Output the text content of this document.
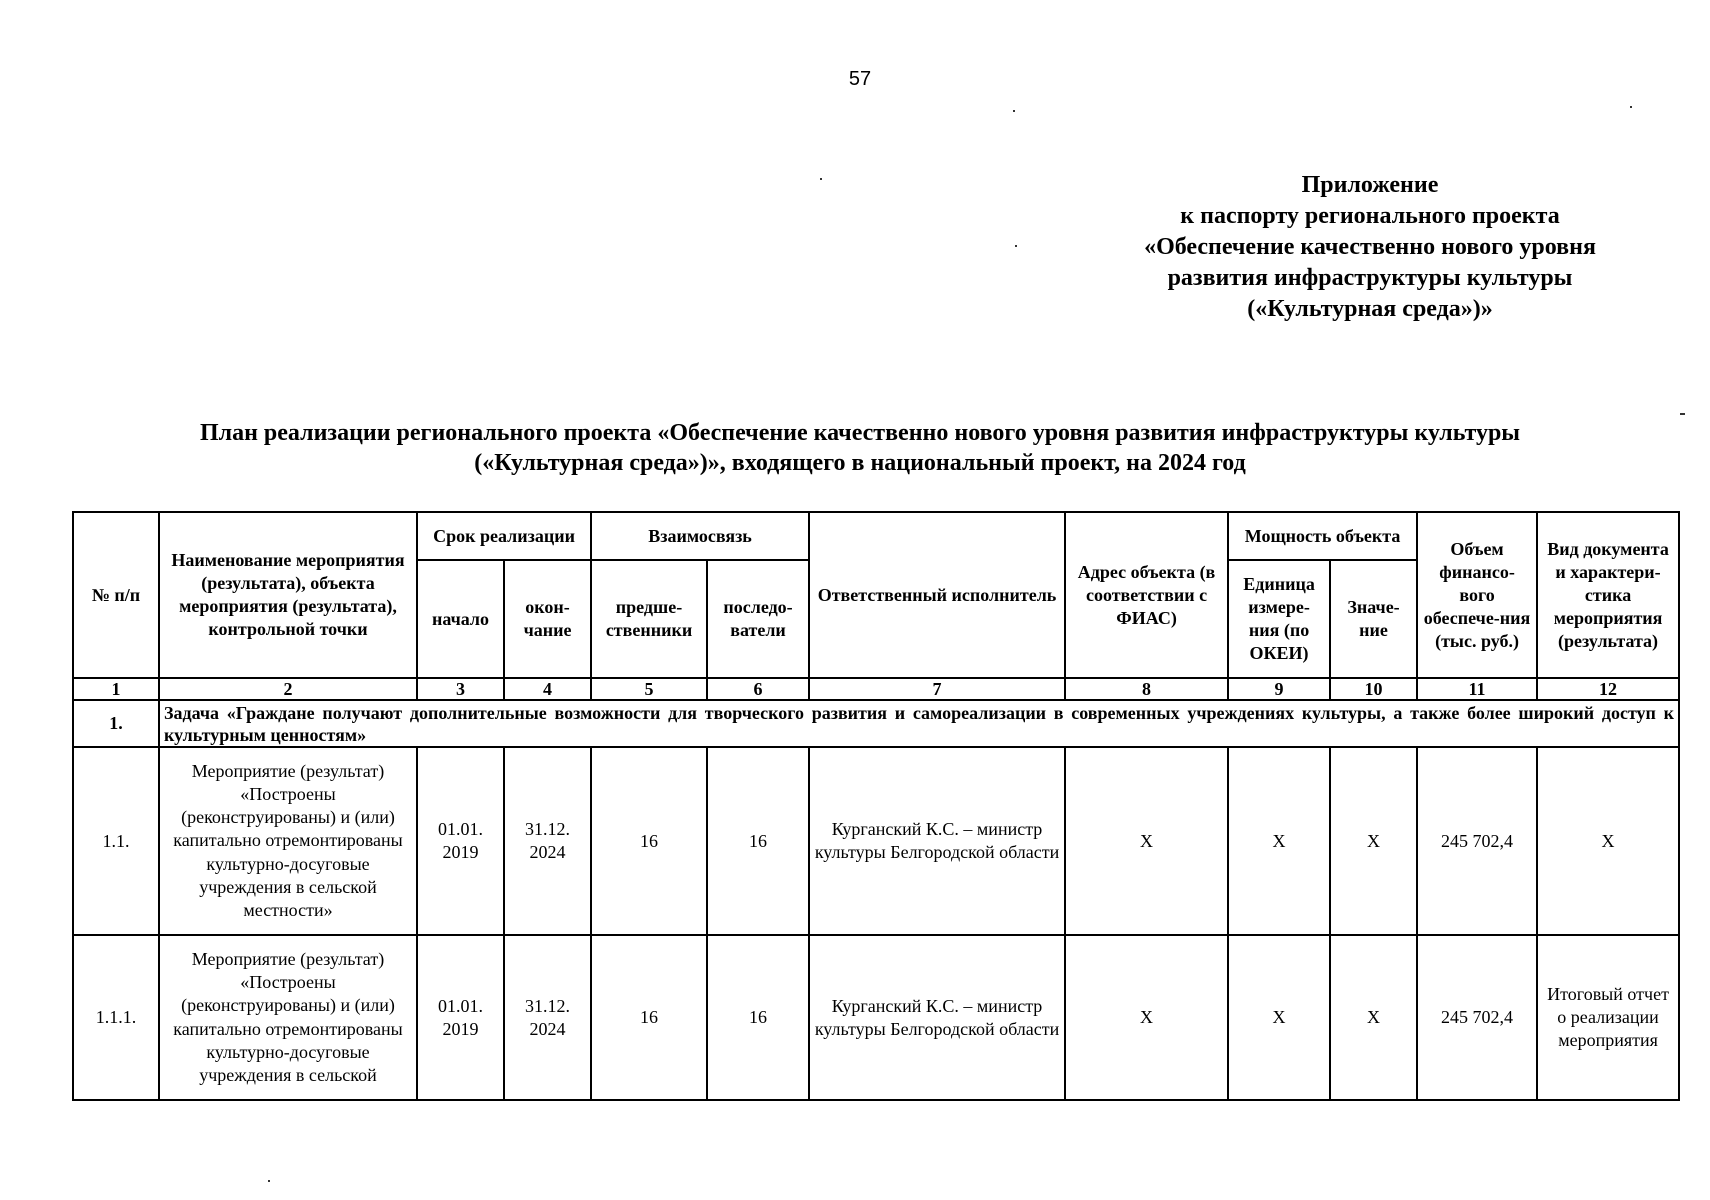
57
Приложение
к паспорту регионального проекта
«Обеспечение качественно нового уровня
развития инфраструктуры культуры
(«Культурная среда»)»
План реализации регионального проекта «Обеспечение качественно нового уровня развития инфраструктуры культуры
(«Культурная среда»)», входящего в национальный проект, на 2024 год
№ п/п	Наименование мероприятия (результата), объекта мероприятия (результата), контрольной точки	Срок реализации		Взаимосвязь		Ответственный исполнитель	Адрес объекта (в соответствии с ФИАС)	Мощность объекта		Объем финансо-вого обеспече-ния (тыс. руб.)	Вид документа и характери-стика мероприятия (результата)
		начало	окон-чание	предше-ственники	последо-ватели			Единица измере-ния (по ОКЕИ)	Значе-ние		
1	2	3	4	5	6	7	8	9	10	11	12
1.	Задача «Граждане получают дополнительные возможности для творческого развития и самореализации в современных учреждениях культуры, а также более широкий доступ к культурным ценностям»										
1.1.	Мероприятие (результат) «Построены (реконструированы) и (или) капитально отремонтированы культурно-досуговые учреждения в сельской местности»	01.01. 2019	31.12. 2024	16	16	Курганский К.С. – министр культуры Белгородской области	Х	Х	Х	245 702,4	Х
1.1.1.	Мероприятие (результат) «Построены (реконструированы) и (или) капитально отремонтированы культурно-досуговые учреждения в сельской	01.01. 2019	31.12. 2024	16	16	Курганский К.С. – министр культуры Белгородской области	Х	Х	Х	245 702,4	Итоговый отчет о реализации мероприятия
